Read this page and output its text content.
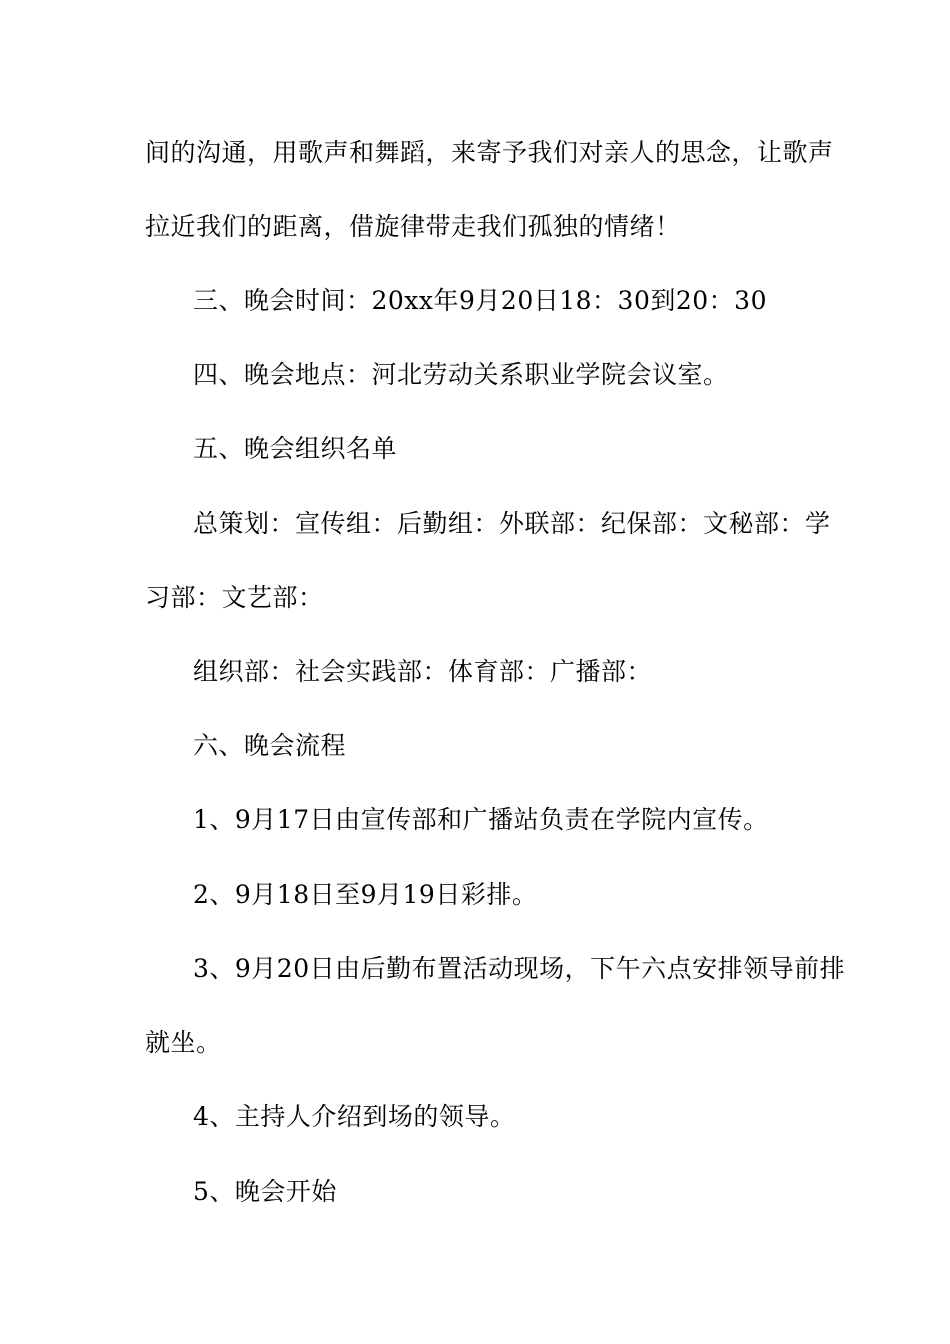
间的沟通，用歌声和舞蹈，来寄予我们对亲人的思念，让歌声
拉近我们的距离，借旋律带走我们孤独的情绪！
三、晚会时间：20xx年9月20日18：30到20：30
四、晚会地点：河北劳动关系职业学院会议室。
五、晚会组织名单
总策划：宣传组：后勤组：外联部：纪保部：文秘部：学
习部：文艺部：
组织部：社会实践部：体育部：广播部：
六、晚会流程
1、9月17日由宣传部和广播站负责在学院内宣传。
2、9月18日至9月19日彩排。
3、9月20日由后勤布置活动现场，下午六点安排领导前排
就坐。
4、主持人介绍到场的领导。
5、晚会开始
